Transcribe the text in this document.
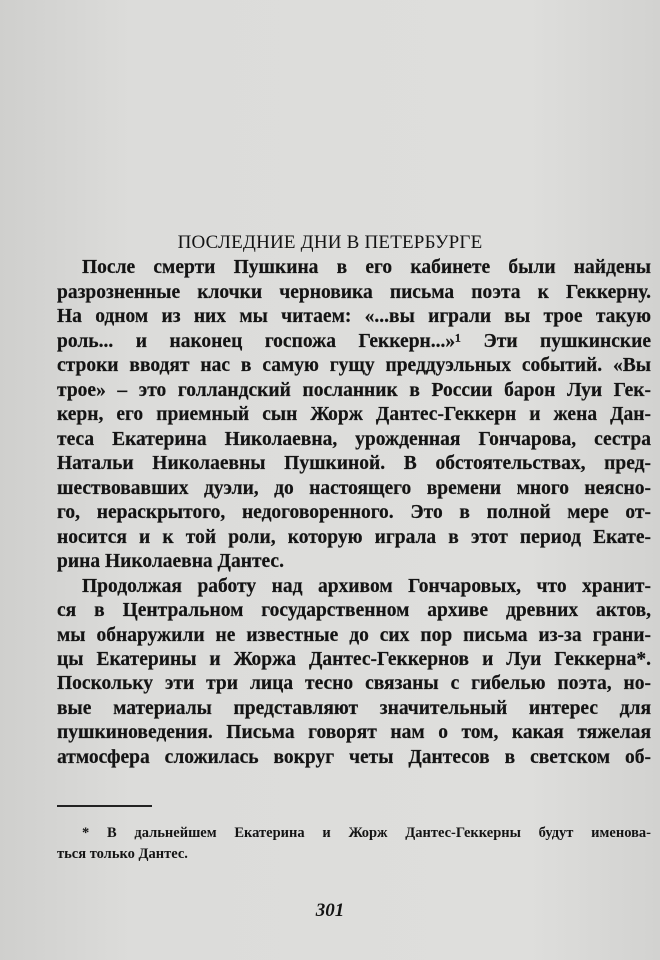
ПОСЛЕДНИЕ ДНИ В ПЕТЕРБУРГЕ
После смерти Пушкина в его кабинете были найдены
разрозненные клочки черновика письма поэта к Геккерну.
На одном из них мы читаем: «...вы играли вы трое такую
роль... и наконец госпожа Геккерн...»¹ Эти пушкинские
строки вводят нас в самую гущу преддуэльных событий. «Вы
трое» – это голландский посланник в России барон Луи Гек-
керн, его приемный сын Жорж Дантес-Геккерн и жена Дан-
теса Екатерина Николаевна, урожденная Гончарова, сестра
Натальи Николаевны Пушкиной. В обстоятельствах, пред-
шествовавших дуэли, до настоящего времени много неясно-
го, нераскрытого, недоговоренного. Это в полной мере от-
носится и к той роли, которую играла в этот период Екате-
рина Николаевна Дантес.
Продолжая работу над архивом Гончаровых, что хранит-
ся в Центральном государственном архиве древних актов,
мы обнаружили не известные до сих пор письма из-за грани-
цы Екатерины и Жоржа Дантес-Геккернов и Луи Геккерна*.
Поскольку эти три лица тесно связаны с гибелью поэта, но-
вые материалы представляют значительный интерес для
пушкиноведения. Письма говорят нам о том, какая тяжелая
атмосфера сложилась вокруг четы Дантесов в светском об-
* В дальнейшем Екатерина и Жорж Дантес-Геккерны будут именова-
ться только Дантес.
301
